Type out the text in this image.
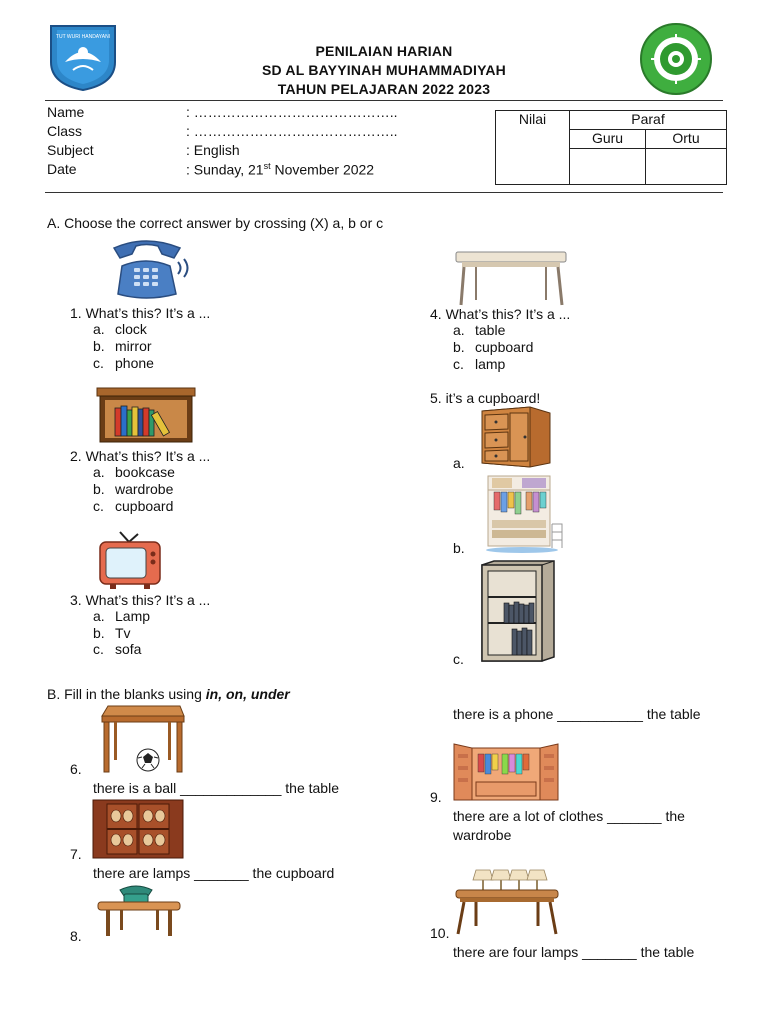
TUT WURI HANDAYANI
PENILAIAN HARIAN
SD AL BAYYINAH MUHAMMADIYAH
TAHUN PELAJARAN 2022 2023
Name	: ……………………………………..
Class	: ……………………………………..
Subject	: English
Date	: Sunday, 21st November 2022
Nilai	Paraf	
	Guru	Ortu

A. Choose the correct answer by crossing (X) a, b or c
1. What’s this? It’s a ...
a. clock
b. mirror
c. phone
2. What’s this? It’s a ...
a. bookcase
b. wardrobe
c. cupboard
3. What’s this? It’s a ...
a. Lamp
b. Tv
c. sofa
4. What’s this? It’s a ...
a. table
b. cupboard
c. lamp
5. it’s a cupboard!
a.
b.
c.
B. Fill in the blanks using in, on, under
6.
there is a ball _____________ the table
7.
there are lamps _______ the cupboard
8.
there is a phone ___________ the table
9.
there are a lot of clothes _______ the
wardrobe
10.
there are four lamps _______ the table
